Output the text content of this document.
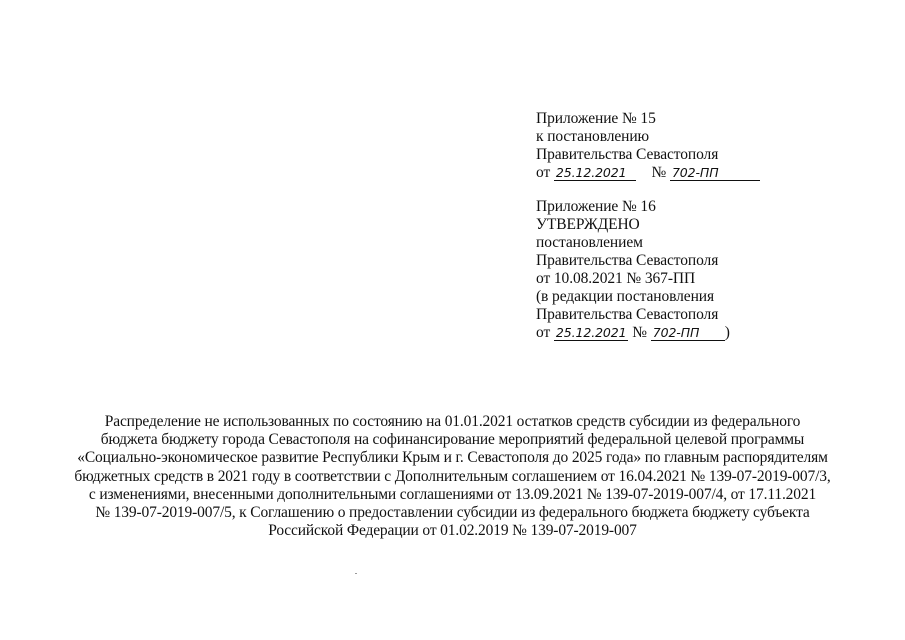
Приложение № 15
к постановлению
Правительства Севастополя
от 25.12.2021 № 702-ПП
Приложение № 16
УТВЕРЖДЕНО
постановлением
Правительства Севастополя
от 10.08.2021 № 367-ПП
(в редакции постановления
Правительства Севастополя
от 25.12.2021 № 702-ПП )
Распределение не использованных по состоянию на 01.01.2021 остатков средств субсидии из федерального
бюджета бюджету города Севастополя на софинансирование мероприятий федеральной целевой программы
«Социально-экономическое развитие Республики Крым и г. Севастополя до 2025 года» по главным распорядителям
бюджетных средств в 2021 году в соответствии с Дополнительным соглашением от 16.04.2021 № 139-07-2019-007/3,
с изменениями, внесенными дополнительными соглашениями от 13.09.2021 № 139-07-2019-007/4, от 17.11.2021
№ 139-07-2019-007/5, к Соглашению о предоставлении субсидии из федерального бюджета бюджету субъекта
Российской Федерации от 01.02.2019 № 139-07-2019-007
